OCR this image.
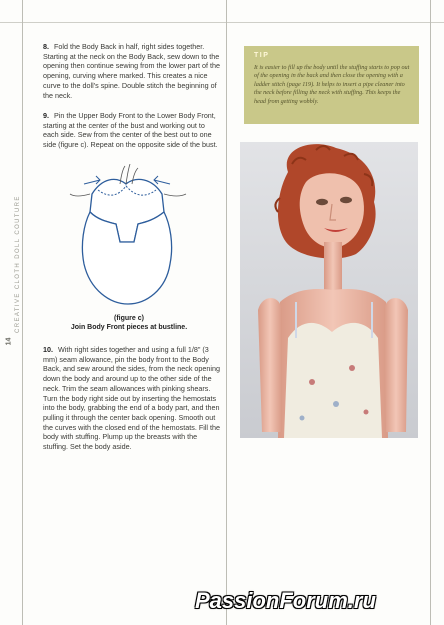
CREATIVE CLOTH DOLL COUTURE
14
8. Fold the Body Back in half, right sides together. Starting at the neck on the Body Back, sew down to the opening then continue sewing from the lower part of the opening, curving where marked. This creates a nice curve to the doll's spine. Double stitch the beginning of the neck.
9. Pin the Upper Body Front to the Lower Body Front, starting at the center of the bust and working out to each side. Sew from the center of the best out to one side (figure c). Repeat on the opposite side of the bust.
(figure c)
Join Body Front pieces at bustline.
10. With right sides together and using a full 1/8" (3 mm) seam allowance, pin the body front to the Body Back, and sew around the sides, from the neck opening down the body and around up to the other side of the neck. Trim the seam allowances with pinking shears. Turn the body right side out by inserting the hemostats into the body, grabbing the end of a body part, and then pulling it through the center back opening. Smooth out the curves with the closed end of the hemostats. Fill the body with stuffing. Plump up the breasts with the stuffing. Set the body aside.
TIP
It is easier to fill up the body until the stuffing starts to pop out of the opening in the back and then close the opening with a ladder stitch (page 119). It helps to insert a pipe cleaner into the neck before filling the neck with stuffing. This keeps the head from getting wobbly.
PassionForum.ru
